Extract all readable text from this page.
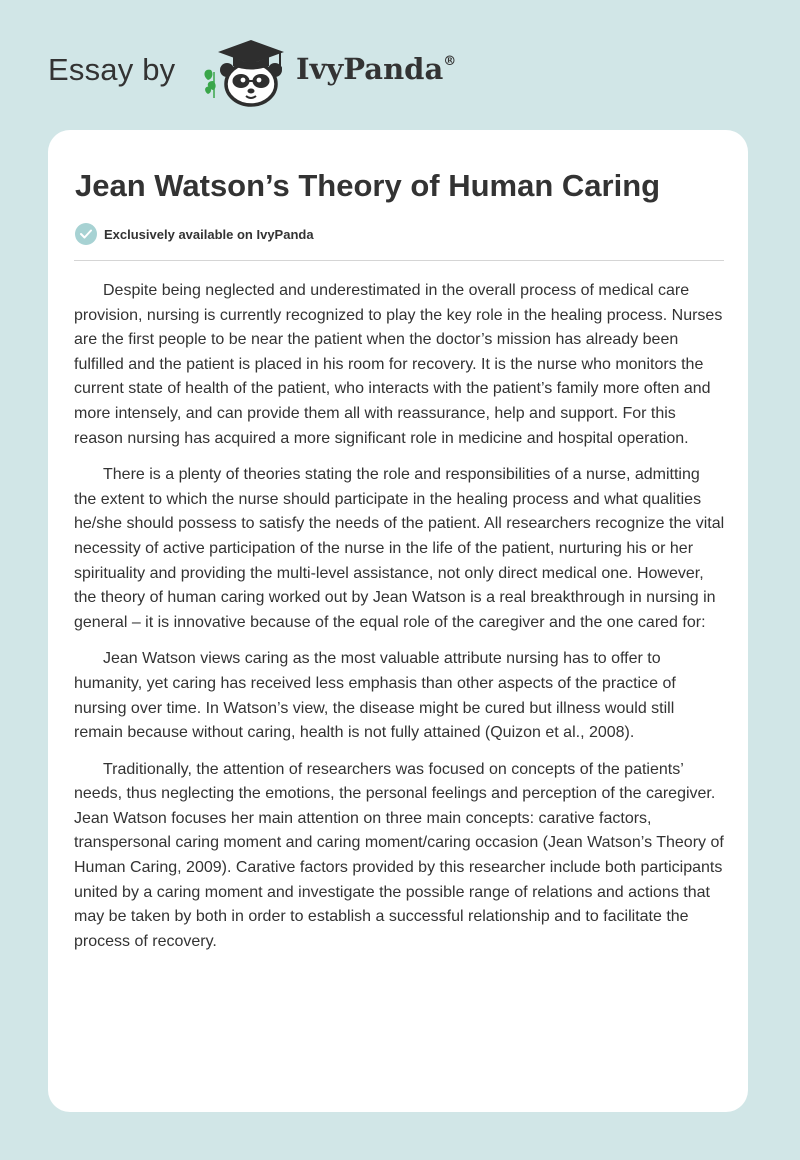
Essay by	IvyPanda®
Jean Watson’s Theory of Human Caring
Exclusively available on IvyPanda

Despite being neglected and underestimated in the overall process of medical care provision, nursing is currently recognized to play the key role in the healing process. Nurses are the first people to be near the patient when the doctor’s mission has already been fulfilled and the patient is placed in his room for recovery. It is the nurse who monitors the current state of health of the patient, who interacts with the patient’s family more often and more intensely, and can provide them all with reassurance, help and support. For this reason nursing has acquired a more significant role in medicine and hospital operation.

There is a plenty of theories stating the role and responsibilities of a nurse, admitting the extent to which the nurse should participate in the healing process and what qualities he/she should possess to satisfy the needs of the patient. All researchers recognize the vital necessity of active participation of the nurse in the life of the patient, nurturing his or her spirituality and providing the multi-level assistance, not only direct medical one. However, the theory of human caring worked out by Jean Watson is a real breakthrough in nursing in general – it is innovative because of the equal role of the caregiver and the one cared for:

Jean Watson views caring as the most valuable attribute nursing has to offer to humanity, yet caring has received less emphasis than other aspects of the practice of nursing over time. In Watson’s view, the disease might be cured but illness would still remain because without caring, health is not fully attained (Quizon et al., 2008).

Traditionally, the attention of researchers was focused on concepts of the patients’ needs, thus neglecting the emotions, the personal feelings and perception of the caregiver. Jean Watson focuses her main attention on three main concepts: carative factors, transpersonal caring moment and caring moment/caring occasion (Jean Watson’s Theory of Human Caring, 2009). Carative factors provided by this researcher include both participants united by a caring moment and investigate the possible range of relations and actions that may be taken by both in order to establish a successful relationship and to facilitate the process of recovery.
